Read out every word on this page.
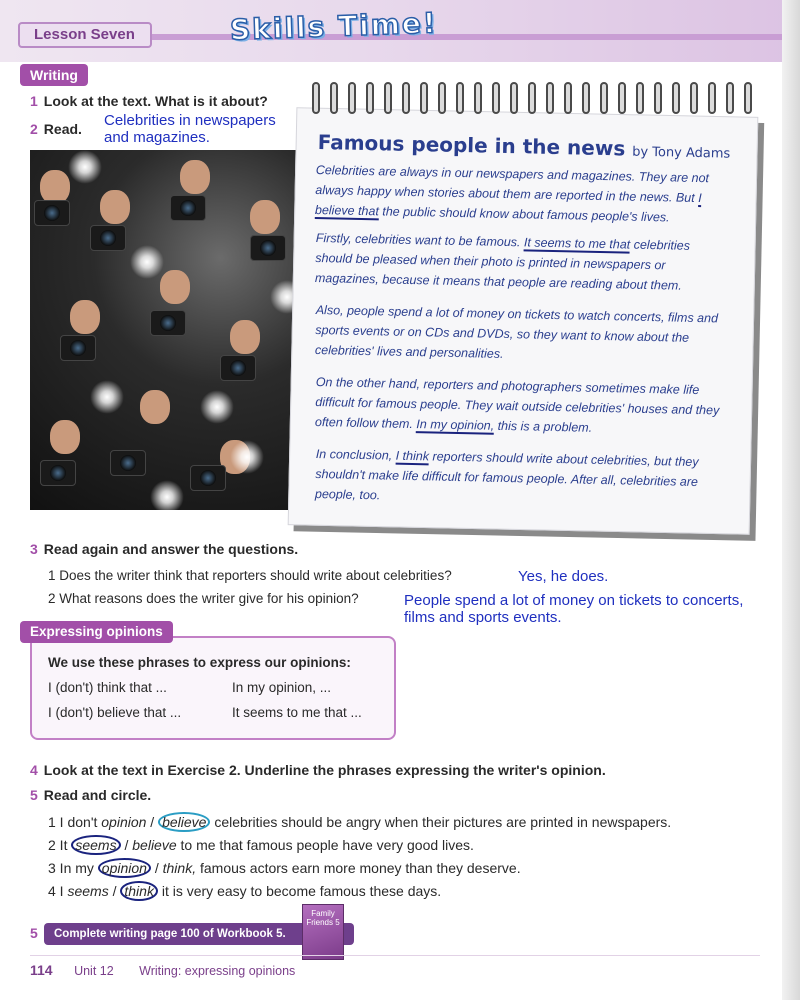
Lesson Seven	Skills Time!
Writing
1 Look at the text. What is it about?
2 Read. Celebrities in newspapers
and magazines.	Famous people in the news by Tony Adams
Celebrities are always in our newspapers and magazines. They are not always happy when stories about them are reported in the news. But I believe that the public should know about famous people's lives.
Firstly, celebrities want to be famous. It seems to me that celebrities should be pleased when their photo is printed in newspapers or magazines, because it means that people are reading about them.
Also, people spend a lot of money on tickets to watch concerts, films and sports events or on CDs and DVDs, so they want to know about the celebrities' lives and personalities.
On the other hand, reporters and photographers sometimes make life difficult for famous people. They wait outside celebrities' houses and they often follow them. In my opinion, this is a problem.
In conclusion, I think reporters should write about celebrities, but they shouldn't make life difficult for famous people. After all, celebrities are people, too.
3 Read again and answer the questions.
1 Does the writer think that reporters should write about celebrities?	Yes, he does.
2 What reasons does the writer give for his opinion?	People spend a lot of money on tickets to concerts,
films and sports events.
Expressing opinions
We use these phrases to express our opinions:
I (don't) think that ...	In my opinion, ...
I (don't) believe that ...	It seems to me that ...
4 Look at the text in Exercise 2. Underline the phrases expressing the writer's opinion.
5 Read and circle.
1 I don't opinion / believe celebrities should be angry when their pictures are printed in newspapers.
2 It seems / believe to me that famous people have very good lives.
3 In my opinion / think, famous actors earn more money than they deserve.
4 I seems / think it is very easy to become famous these days.
5	Complete writing page 100 of Workbook 5.
Family
Friends 5
114 Unit 12 Writing: expressing opinions
